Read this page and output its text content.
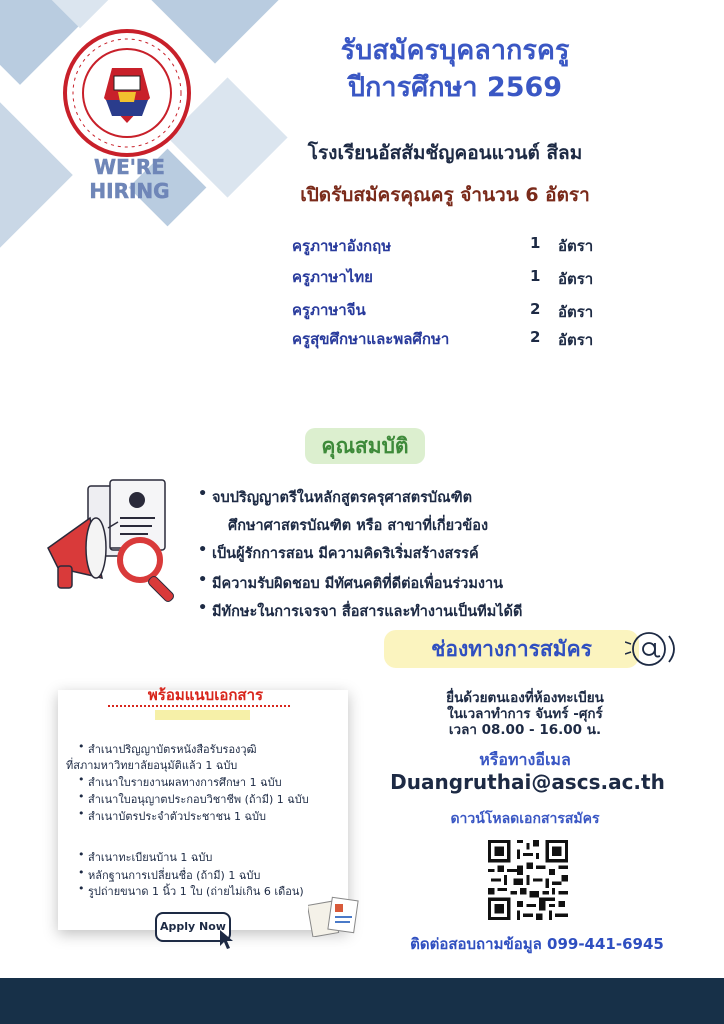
WE'RE
HIRING
รับสมัครบุคลากรครู
ปีการศึกษา 2569
โรงเรียนอัสสัมชัญคอนแวนต์ สีลม
เปิดรับสมัครคุณครู จำนวน 6 อัตรา
ครูภาษาอังกฤษ	1 อัตรา
ครูภาษาไทย	1 อัตรา
ครูภาษาจีน	2 อัตรา
ครูสุขศึกษาและพลศึกษา	2 อัตรา
คุณสมบัติ
• จบปริญญาตรีในหลักสูตรครุศาสตรบัณฑิต
ศึกษาศาสตรบัณฑิต หรือ สาขาที่เกี่ยวข้อง
• เป็นผู้รักการสอน มีความคิดริเริ่มสร้างสรรค์
• มีความรับผิดชอบ มีทัศนคติที่ดีต่อเพื่อนร่วมงาน
• มีทักษะในการเจรจา สื่อสารและทำงานเป็นทีมได้ดี
พร้อมแนบเอกสาร
• สำเนาปริญญาบัตรหนังสือรับรองวุฒิ
ที่สภามหาวิทยาลัยอนุมัติแล้ว 1 ฉบับ
• สำเนาใบรายงานผลทางการศึกษา 1 ฉบับ
• สำเนาใบอนุญาตประกอบวิชาชีพ (ถ้ามี) 1 ฉบับ
• สำเนาบัตรประจำตัวประชาชน 1 ฉบับ
• สำเนาทะเบียนบ้าน 1 ฉบับ
• หลักฐานการเปลี่ยนชื่อ (ถ้ามี) 1 ฉบับ
• รูปถ่ายขนาด 1 นิ้ว 1 ใบ (ถ่ายไม่เกิน 6 เดือน)
Apply Now
ช่องทางการสมัคร
ยื่นด้วยตนเองที่ห้องทะเบียน
ในเวลาทำการ จันทร์ -ศุกร์
เวลา 08.00 - 16.00 น.
หรือทางอีเมล
Duangruthai@ascs.ac.th
ดาวน์โหลดเอกสารสมัคร
ติดต่อสอบถามข้อมูล 099-441-6945
